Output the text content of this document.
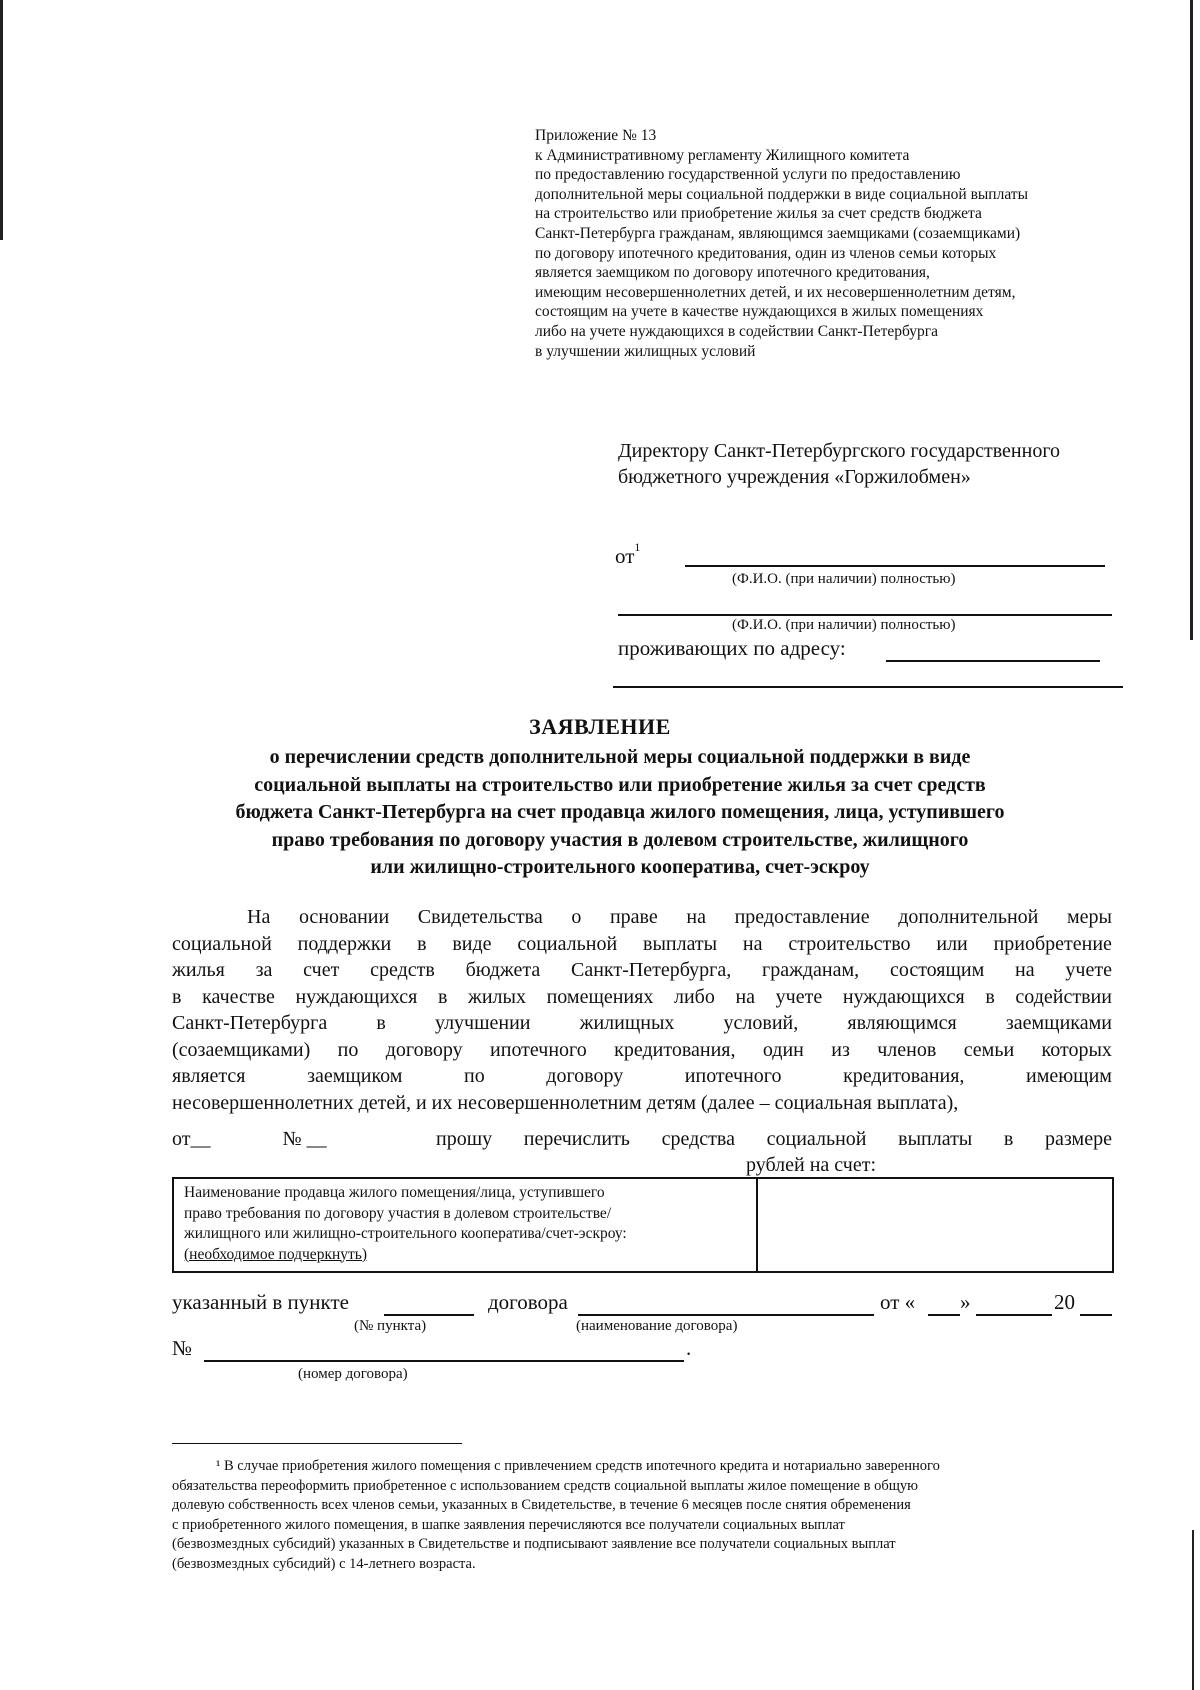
Приложение № 13
к Административному регламенту Жилищного комитета
по предоставлению государственной услуги по предоставлению
дополнительной меры социальной поддержки в виде социальной выплаты
на строительство или приобретение жилья за счет средств бюджета
Санкт-Петербурга гражданам, являющимся заемщиками (созаемщиками)
по договору ипотечного кредитования, один из членов семьи которых
является заемщиком по договору ипотечного кредитования,
имеющим несовершеннолетних детей, и их несовершеннолетним детям,
состоящим на учете в качестве нуждающихся в жилых помещениях
либо на учете нуждающихся в содействии Санкт-Петербурга
в улучшении жилищных условий
Директору Санкт-Петербургского государственного
бюджетного учреждения «Горжилобмен»
$от^1$
(Ф.И.О. (при наличии) полностью)
(Ф.И.О. (при наличии) полностью)
проживающих по адресу:
ЗАЯВЛЕНИЕ
о перечислении средств дополнительной меры социальной поддержки в виде
социальной выплаты на строительство или приобретение жилья за счет средств
бюджета Санкт-Петербурга на счет продавца жилого помещения, лица, уступившего
право требования по договору участия в долевом строительстве, жилищного
или жилищно-строительного кооператива, счет-эскроу
На основании Свидетельства о праве на предоставление дополнительной меры
социальной поддержки в виде социальной выплаты на строительство или приобретение
жилья за счет средств бюджета Санкт-Петербурга, гражданам, состоящим на учете
в качестве нуждающихся в жилых помещениях либо на учете нуждающихся в содействии
Санкт-Петербурга в улучшении жилищных условий, являющимся заемщиками
(созаемщиками) по договору ипотечного кредитования, один из членов семьи которых
является	заемщиком	по	договору	ипотечного	кредитования,	имеющим
несовершеннолетних детей, и их несовершеннолетним детям (далее – социальная выплата),
от__	№ __	прошу перечислить средства социальной выплаты в размере
рублей на счет:
Наименование продавца жилого помещения/лица, уступившего
право требования по договору участия в долевом строительстве/
жилищного или жилищно-строительного кооператива/счет-эскроу:
(необходимое подчеркнуть)
указанный в пункте
(№ пункта)
договора
(наименование договора)
от « »	20
№	.
(номер договора)
¹ В случае приобретения жилого помещения с привлечением средств ипотечного кредита и нотариально заверенного
обязательства переоформить приобретенное с использованием средств социальной выплаты жилое помещение в общую
долевую собственность всех членов семьи, указанных в Свидетельстве, в течение 6 месяцев после снятия обременения
с приобретенного жилого помещения, в шапке заявления перечисляются все получатели социальных выплат
(безвозмездных субсидий) указанных в Свидетельстве и подписывают заявление все получатели социальных выплат
(безвозмездных субсидий) с 14-летнего возраста.
